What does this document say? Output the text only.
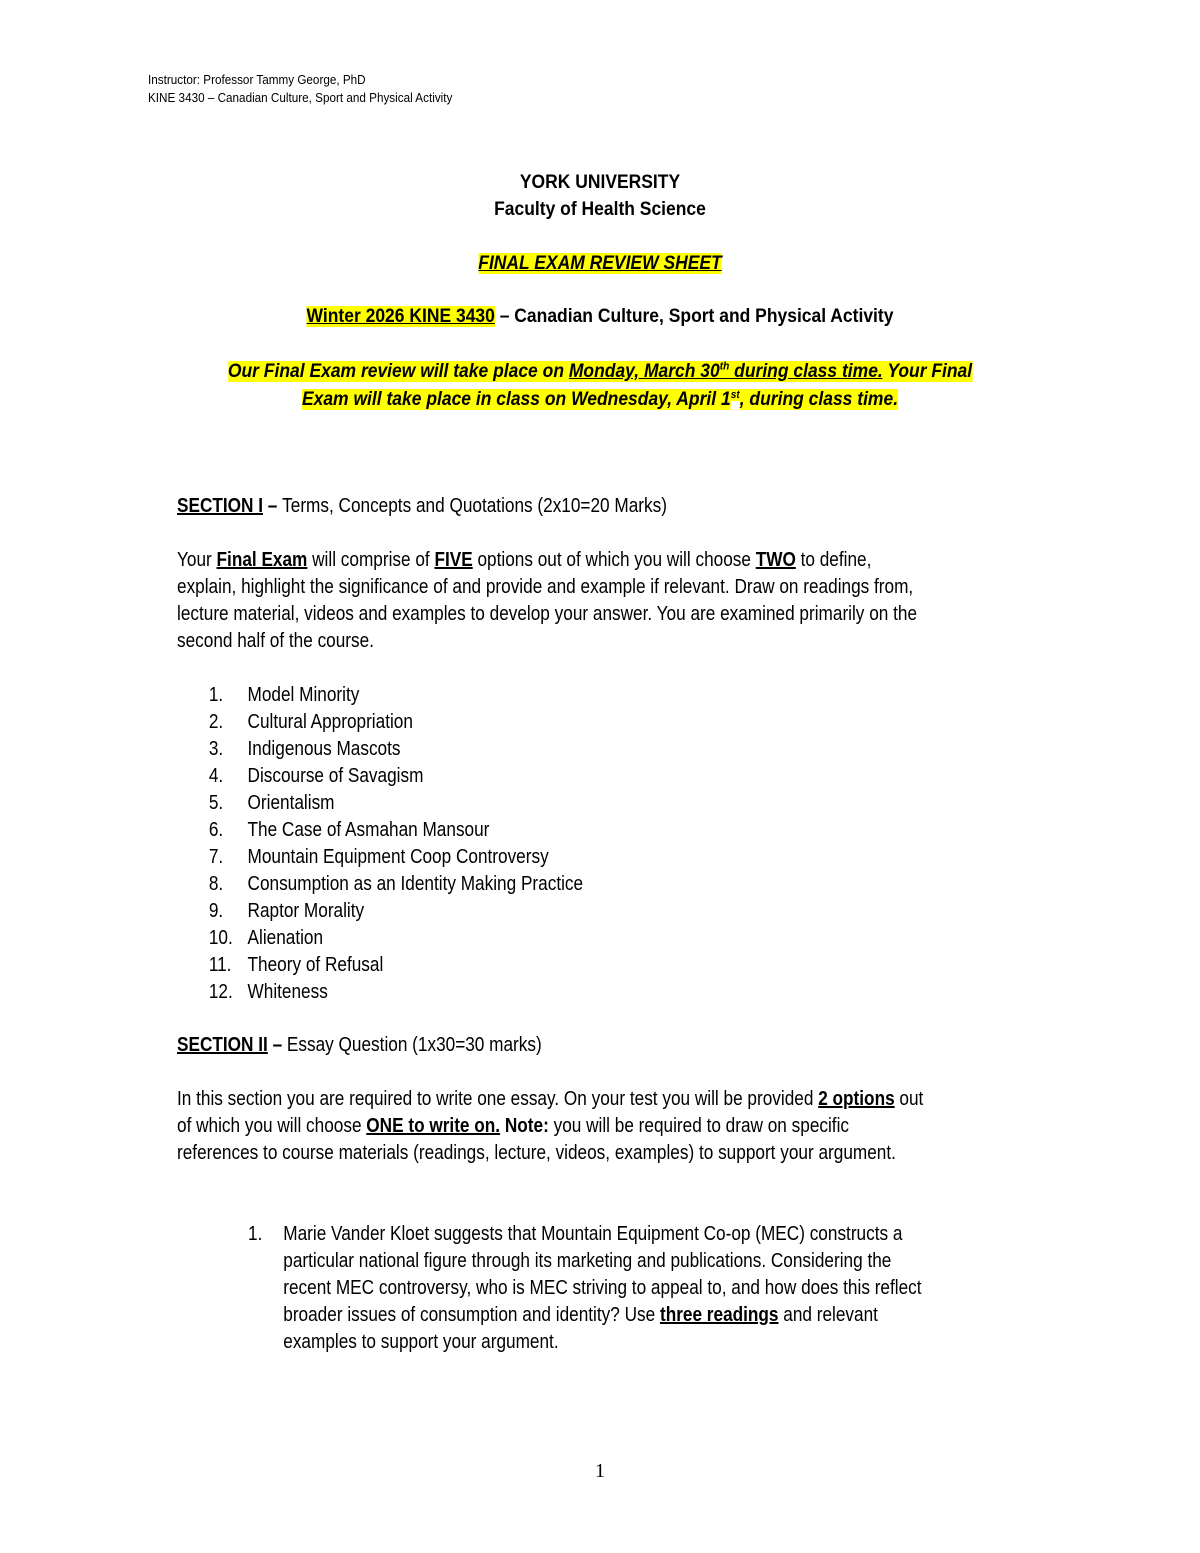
Instructor: Professor Tammy George, PhD
KINE 3430 – Canadian Culture, Sport and Physical Activity
YORK UNIVERSITY
Faculty of Health Science
FINAL EXAM REVIEW SHEET
Winter 2026 KINE 3430 – Canadian Culture, Sport and Physical Activity
Our Final Exam review will take place on Monday, March 30th during class time. Your Final
Exam will take place in class on Wednesday, April 1st, during class time.
SECTION I – Terms, Concepts and Quotations (2x10=20 Marks)
Your Final Exam will comprise of FIVE options out of which you will choose TWO to define,
explain, highlight the significance of and provide and example if relevant. Draw on readings from,
lecture material, videos and examples to develop your answer. You are examined primarily on the
second half of the course.
1. Model Minority
2. Cultural Appropriation
3. Indigenous Mascots
4. Discourse of Savagism
5. Orientalism
6. The Case of Asmahan Mansour
7. Mountain Equipment Coop Controversy
8. Consumption as an Identity Making Practice
9. Raptor Morality
10. Alienation
11. Theory of Refusal
12. Whiteness
SECTION II – Essay Question (1x30=30 marks)
In this section you are required to write one essay. On your test you will be provided 2 options out
of which you will choose ONE to write on. Note: you will be required to draw on specific
references to course materials (readings, lecture, videos, examples) to support your argument.
1. Marie Vander Kloet suggests that Mountain Equipment Co-op (MEC) constructs a
particular national figure through its marketing and publications. Considering the
recent MEC controversy, who is MEC striving to appeal to, and how does this reflect
broader issues of consumption and identity? Use three readings and relevant
examples to support your argument.
1
